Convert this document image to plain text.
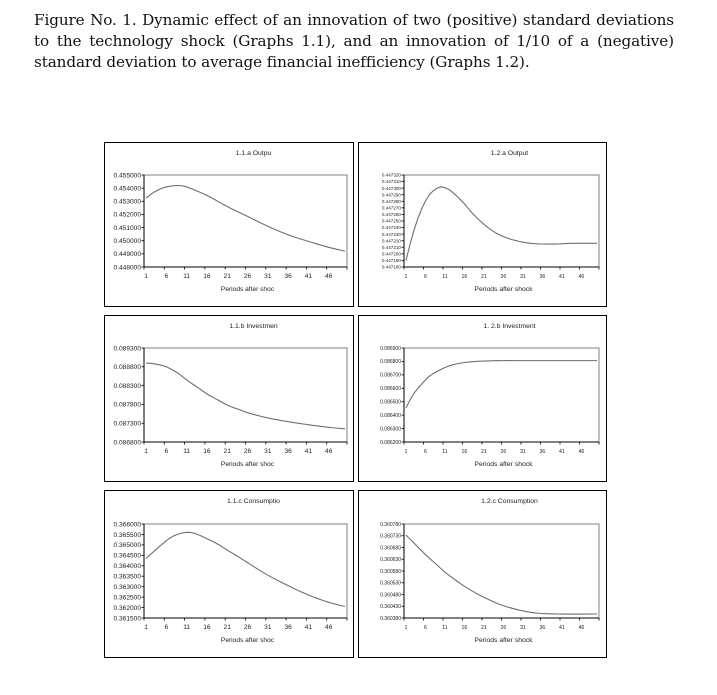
Figure No. 1. Dynamic effect of an innovation of two (positive) standard deviations to the technology shock (Graphs 1.1), and an innovation of 1/10 of a (negative) standard deviation to average financial inefficiency (Graphs 1.2).
1.1.a Outpu
0.448000
0.449000
0.450000
0.451000
0.452000
0.453000
0.454000
0.455000
1	6 11 16 21 26 31 36 41 46
Periods after shoc
1.2.a Output
0.447180
0.447190
0.447200
0.447210
0.447220
0.447230
0.447240
0.447250
0.447260
0.447270
0.447280
0.447290
0.447300
0.447310
0.447320
1	6	11	16	21	26	31	36	41	46
Periods after shock
1.1.b Investmen
0.086800
0.087300
0.087800
0.088300
0.088800
0.089300
1	6 11 16 21 26 31 36 41 46
Periods after shoc
1. 2.b Investment
0.086200
0.086300
0.086400
0.086500
0.086600
0.086700
0.086800
0.086900
1	6	11	16	21	26	31	36	41	46
Periods after shock
1.1.c Consumptio
0.361500
0.362000
0.362500
0.363000
0.363500
0.364000
0.364500
0.365000
0.365500
0.366000
1	6 11 16 21 26 31 36 41 46
Periods after shoc
1.2.c Consumption
0.360380
0.360430
0.360480
0.360530
0.360580
0.360630
0.360680
0.360730
0.360780
1	6	11	16	21	26	31	36	41	46
Periods after shock
